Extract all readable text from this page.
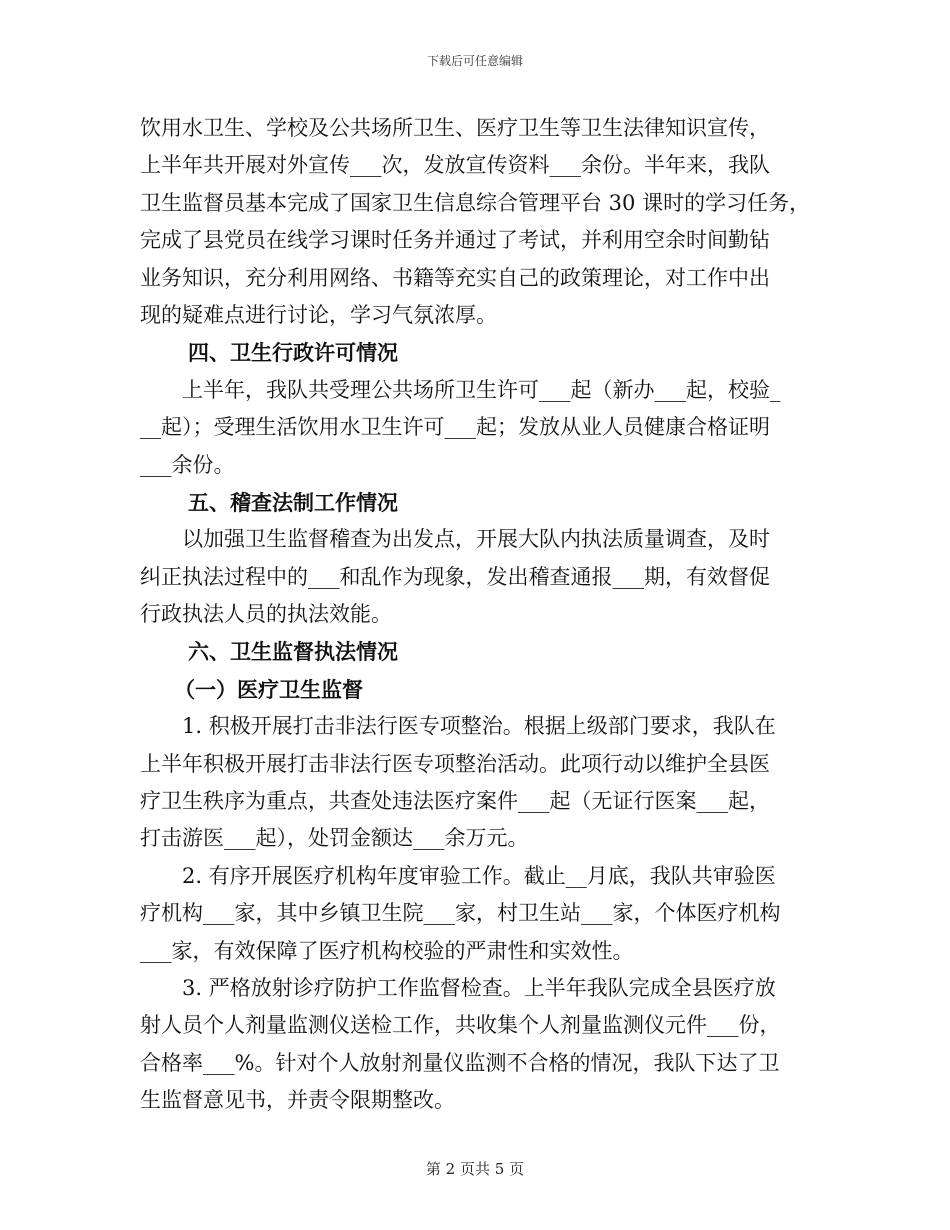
下载后可任意编辑
饮用水卫生、学校及公共场所卫生、医疗卫生等卫生法律知识宣传，
上半年共开展对外宣传___次，发放宣传资料___余份。半年来，我队
卫生监督员基本完成了国家卫生信息综合管理平台 30 课时的学习任务，
完成了县党员在线学习课时任务并通过了考试，并利用空余时间勤钻
业务知识，充分利用网络、书籍等充实自己的政策理论，对工作中出
现的疑难点进行讨论，学习气氛浓厚。
四、卫生行政许可情况
　　上半年，我队共受理公共场所卫生许可___起（新办___起，校验_
__起）；受理生活饮用水卫生许可___起；发放从业人员健康合格证明
___余份。
五、稽查法制工作情况
　　以加强卫生监督稽查为出发点，开展大队内执法质量调查，及时
纠正执法过程中的___和乱作为现象，发出稽查通报___期，有效督促
行政执法人员的执法效能。
六、卫生监督执法情况
（一）医疗卫生监督
　　1. 积极开展打击非法行医专项整治。根据上级部门要求，我队在
上半年积极开展打击非法行医专项整治活动。此项行动以维护全县医
疗卫生秩序为重点，共查处违法医疗案件___起（无证行医案___起，
打击游医___起），处罚金额达___余万元。
　　2. 有序开展医疗机构年度审验工作。截止__月底，我队共审验医
疗机构___家，其中乡镇卫生院___家，村卫生站___家，个体医疗机构
___家，有效保障了医疗机构校验的严肃性和实效性。
　　3. 严格放射诊疗防护工作监督检查。上半年我队完成全县医疗放
射人员个人剂量监测仪送检工作，共收集个人剂量监测仪元件___份，
合格率___%。针对个人放射剂量仪监测不合格的情况，我队下达了卫
生监督意见书，并责令限期整改。
第 2 页共 5 页
